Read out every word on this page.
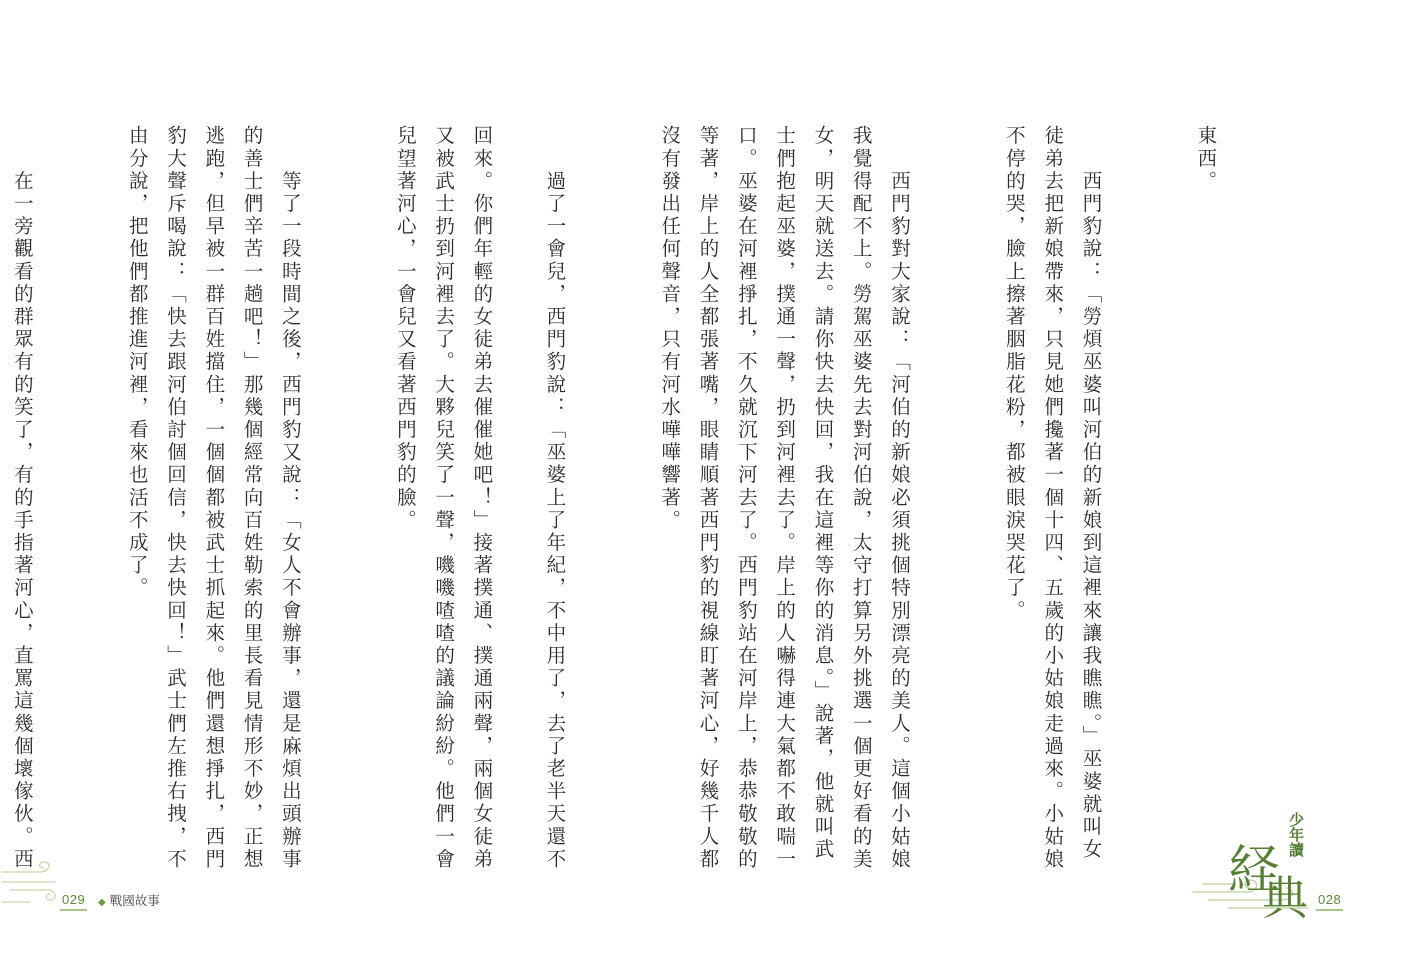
東西。

　　西門豹說：「勞煩巫婆叫河伯的新娘到這裡來讓我瞧瞧。」巫婆就叫女
徒弟去把新娘帶來，只見她們攙著一個十四、五歲的小姑娘走過來。小姑娘
不停的哭，臉上擦著胭脂花粉，都被眼淚哭花了。

　　西門豹對大家說：「河伯的新娘必須挑個特別漂亮的美人。這個小姑娘
我覺得配不上。勞駕巫婆先去對河伯說，太守打算另外挑選一個更好看的美
女，明天就送去。請你快去快回，我在這裡等你的消息。」說著，他就叫武
士們抱起巫婆，撲通一聲，扔到河裡去了。岸上的人嚇得連大氣都不敢喘一
口。巫婆在河裡掙扎，不久就沉下河去了。西門豹站在河岸上，恭恭敬敬的
等著，岸上的人全都張著嘴，眼睛順著西門豹的視線盯著河心，好幾千人都
沒有發出任何聲音，只有河水嘩嘩響著。

　　過了一會兒，西門豹說：「巫婆上了年紀，不中用了，去了老半天還不

	少年讀
経
典 028

回來。你們年輕的女徒弟去催催她吧！」接著撲通、撲通兩聲，兩個女徒弟
又被武士扔到河裡去了。大夥兒笑了一聲，嘰嘰喳喳的議論紛紛。他們一會
兒望著河心，一會兒又看著西門豹的臉。

　　等了一段時間之後，西門豹又說：「女人不會辦事，還是麻煩出頭辦事
的善士們辛苦一趟吧！」那幾個經常向百姓勒索的里長看見情形不妙，正想
逃跑，但早被一群百姓擋住，一個個都被武士抓起來。他們還想掙扎，西門
豹大聲斥喝說：「快去跟河伯討個回信，快去快回！」武士們左推右拽，不
由分說，把他們都推進河裡，看來也活不成了。

　　在一旁觀看的群眾有的笑了，有的手指著河心，直罵這幾個壞傢伙。西

029 ◆ 戰國故事
